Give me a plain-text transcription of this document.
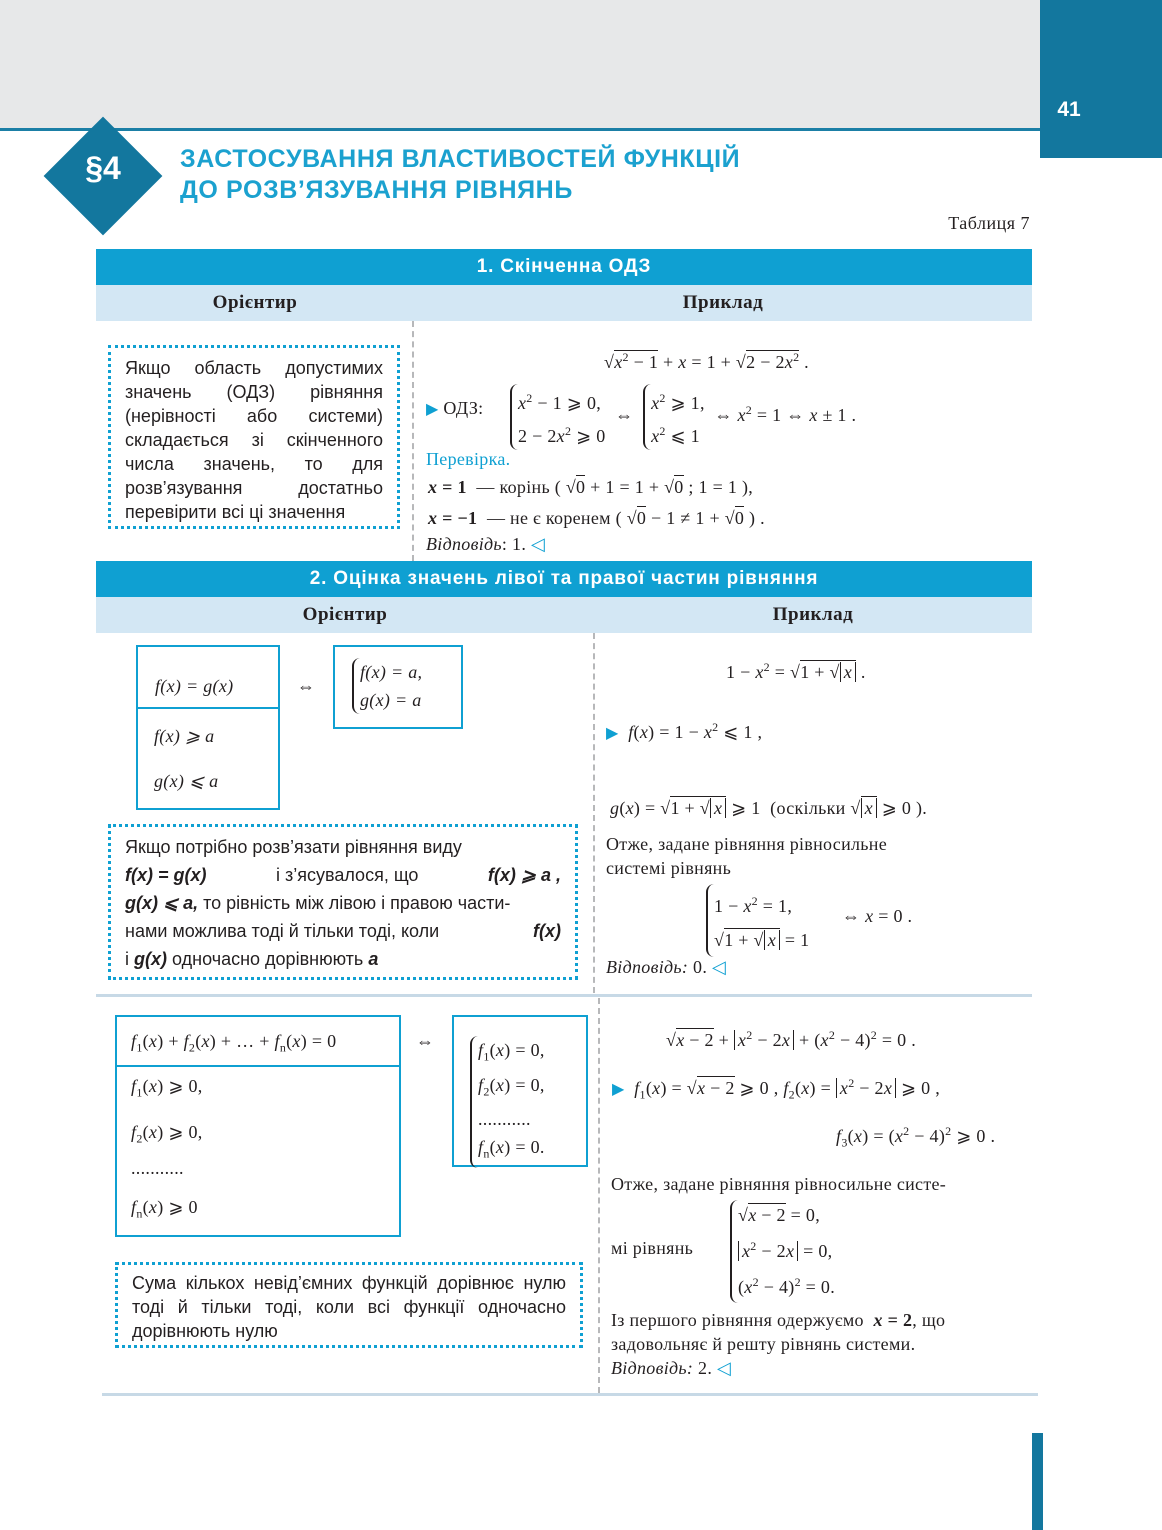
41
§4	ЗАСТОСУВАННЯ ВЛАСТИВОСТЕЙ ФУНКЦІЙ
ДО РОЗВ’ЯЗУВАННЯ РІВНЯНЬ
Таблиця 7
1. Скінченна ОДЗ
Орієнтир	Приклад
Якщо область допустимих значень (ОДЗ) рівняння (нерівності або системи) складається зі скінченного числа значень, то для розв’язування достатньо перевірити всі ці значення
$√x^2 - 1 + x = 1 + √2 - 2x^2$ .
▶ ОДЗ:	$x^2 - 1$ ⩾ 0,
$2 - 2x^2$ ⩾ 0  ⇔  $x^2$ ⩾ 1,
$x^2$ ⩽ 1  ⇔ $x^2 = 1$ ⇔ x ± 1 .
Перевірка.
x = 1 — корінь ( √0 + 1 = 1 + √0 ; 1 = 1 ),
x = −1 — не є коренем ( √0 − 1 ≠ 1 + √0 ) .
Відповідь: 1. ◁
2. Оцінка значень лівої та правої частин рівняння
Орієнтир	Приклад
f(x) = g(x)
f(x) ⩾ a
g(x) ⩽ a
⇔
f(x) = a,
g(x) = a
Якщо потрібно розв’язати рівняння виду
f(x) = g(x)	і з’ясувалося, що	f(x) ⩾ a ,
g(x) ⩽ a, то рівність між лівою і правою части-
нами можлива тоді й тільки тоді, коли	f(x)
і g(x) одночасно дорівнюють a
$1 - x^2 = √1$ + √ x .
▶ $f(x) = 1 - x^2$ ⩽ 1 ,
g(x) = √1 + √ x ⩾ 1  (оскільки √ x ⩾ 0 ).
Отже, задане рівняння рівносильне
системі рівнянь
$1 - x^2 = 1$,
√1 + √ x = 1
⇔ x = 0 .
Відповідь: 0. ◁
$f_1(x) + f_2(x)$ + … + $f_n(x) = 0$
$f_1(x)$ ⩾ 0,
$f_2(x)$ ⩾ 0,
...........
$f_n(x)$ ⩾ 0
⇔	$f_1(x) = 0$,
$f_2(x) = 0$,
...........
$f_n(x) = 0$.
Сума кількох невід’ємних функцій дорівнює нулю тоді й тільки тоді, коли всі функції одночасно дорівнюють нулю
$√x - 2 + x^2 - 2x + (x^2 - 4)^2 = 0$ .
▶ $f_1(x) = √x - 2$ ⩾ 0 , $f_2(x) = x^2 - 2x$ ⩾ 0 ,
$f_3(x) = (x^2 - 4)^2$ ⩾ 0 .
Отже, задане рівняння рівносильне систе-
мі рівнянь
√x − 2 = 0,
$x^2 - 2x = 0$,
$(x^2 - 4)^2 = 0$.
Із першого рівняння одержуємо x = 2, що
задовольняє й решту рівнянь системи.
Відповідь: 2. ◁
